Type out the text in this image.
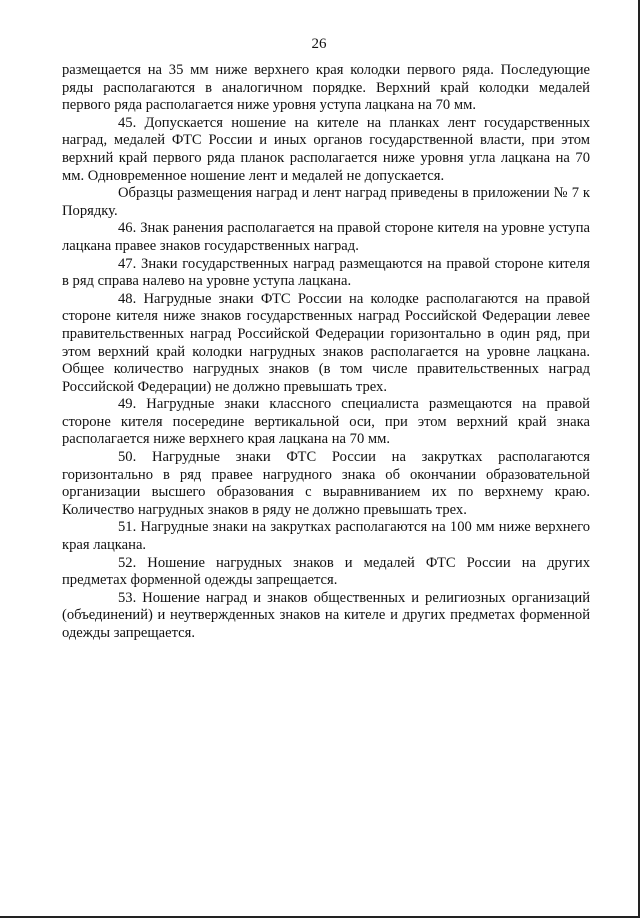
26

размещается на 35 мм ниже верхнего края колодки первого ряда. Последующие ряды располагаются в аналогичном порядке. Верхний край колодки медалей первого ряда располагается ниже уровня уступа лацкана на 70 мм.

45. Допускается ношение на кителе на планках лент государственных наград, медалей ФТС России и иных органов государственной власти, при этом верхний край первого ряда планок располагается ниже уровня угла лацкана на 70 мм. Одновременное ношение лент и медалей не допускается.

Образцы размещения наград и лент наград приведены в приложении № 7 к Порядку.

46. Знак ранения располагается на правой стороне кителя на уровне уступа лацкана правее знаков государственных наград.

47. Знаки государственных наград размещаются на правой стороне кителя в ряд справа налево на уровне уступа лацкана.

48. Нагрудные знаки ФТС России на колодке располагаются на правой стороне кителя ниже знаков государственных наград Российской Федерации левее правительственных наград Российской Федерации горизонтально в один ряд, при этом верхний край колодки нагрудных знаков располагается на уровне лацкана. Общее количество нагрудных знаков (в том числе правительственных наград Российской Федерации) не должно превышать трех.

49. Нагрудные знаки классного специалиста размещаются на правой стороне кителя посередине вертикальной оси, при этом верхний край знака располагается ниже верхнего края лацкана на 70 мм.

50. Нагрудные знаки ФТС России на закрутках располагаются горизонтально в ряд правее нагрудного знака об окончании образовательной организации высшего образования с выравниванием их по верхнему краю. Количество нагрудных знаков в ряду не должно превышать трех.

51. Нагрудные знаки на закрутках располагаются на 100 мм ниже верхнего края лацкана.

52. Ношение нагрудных знаков и медалей ФТС России на других предметах форменной одежды запрещается.

53. Ношение наград и знаков общественных и религиозных организаций (объединений) и неутвержденных знаков на кителе и других предметах форменной одежды запрещается.
